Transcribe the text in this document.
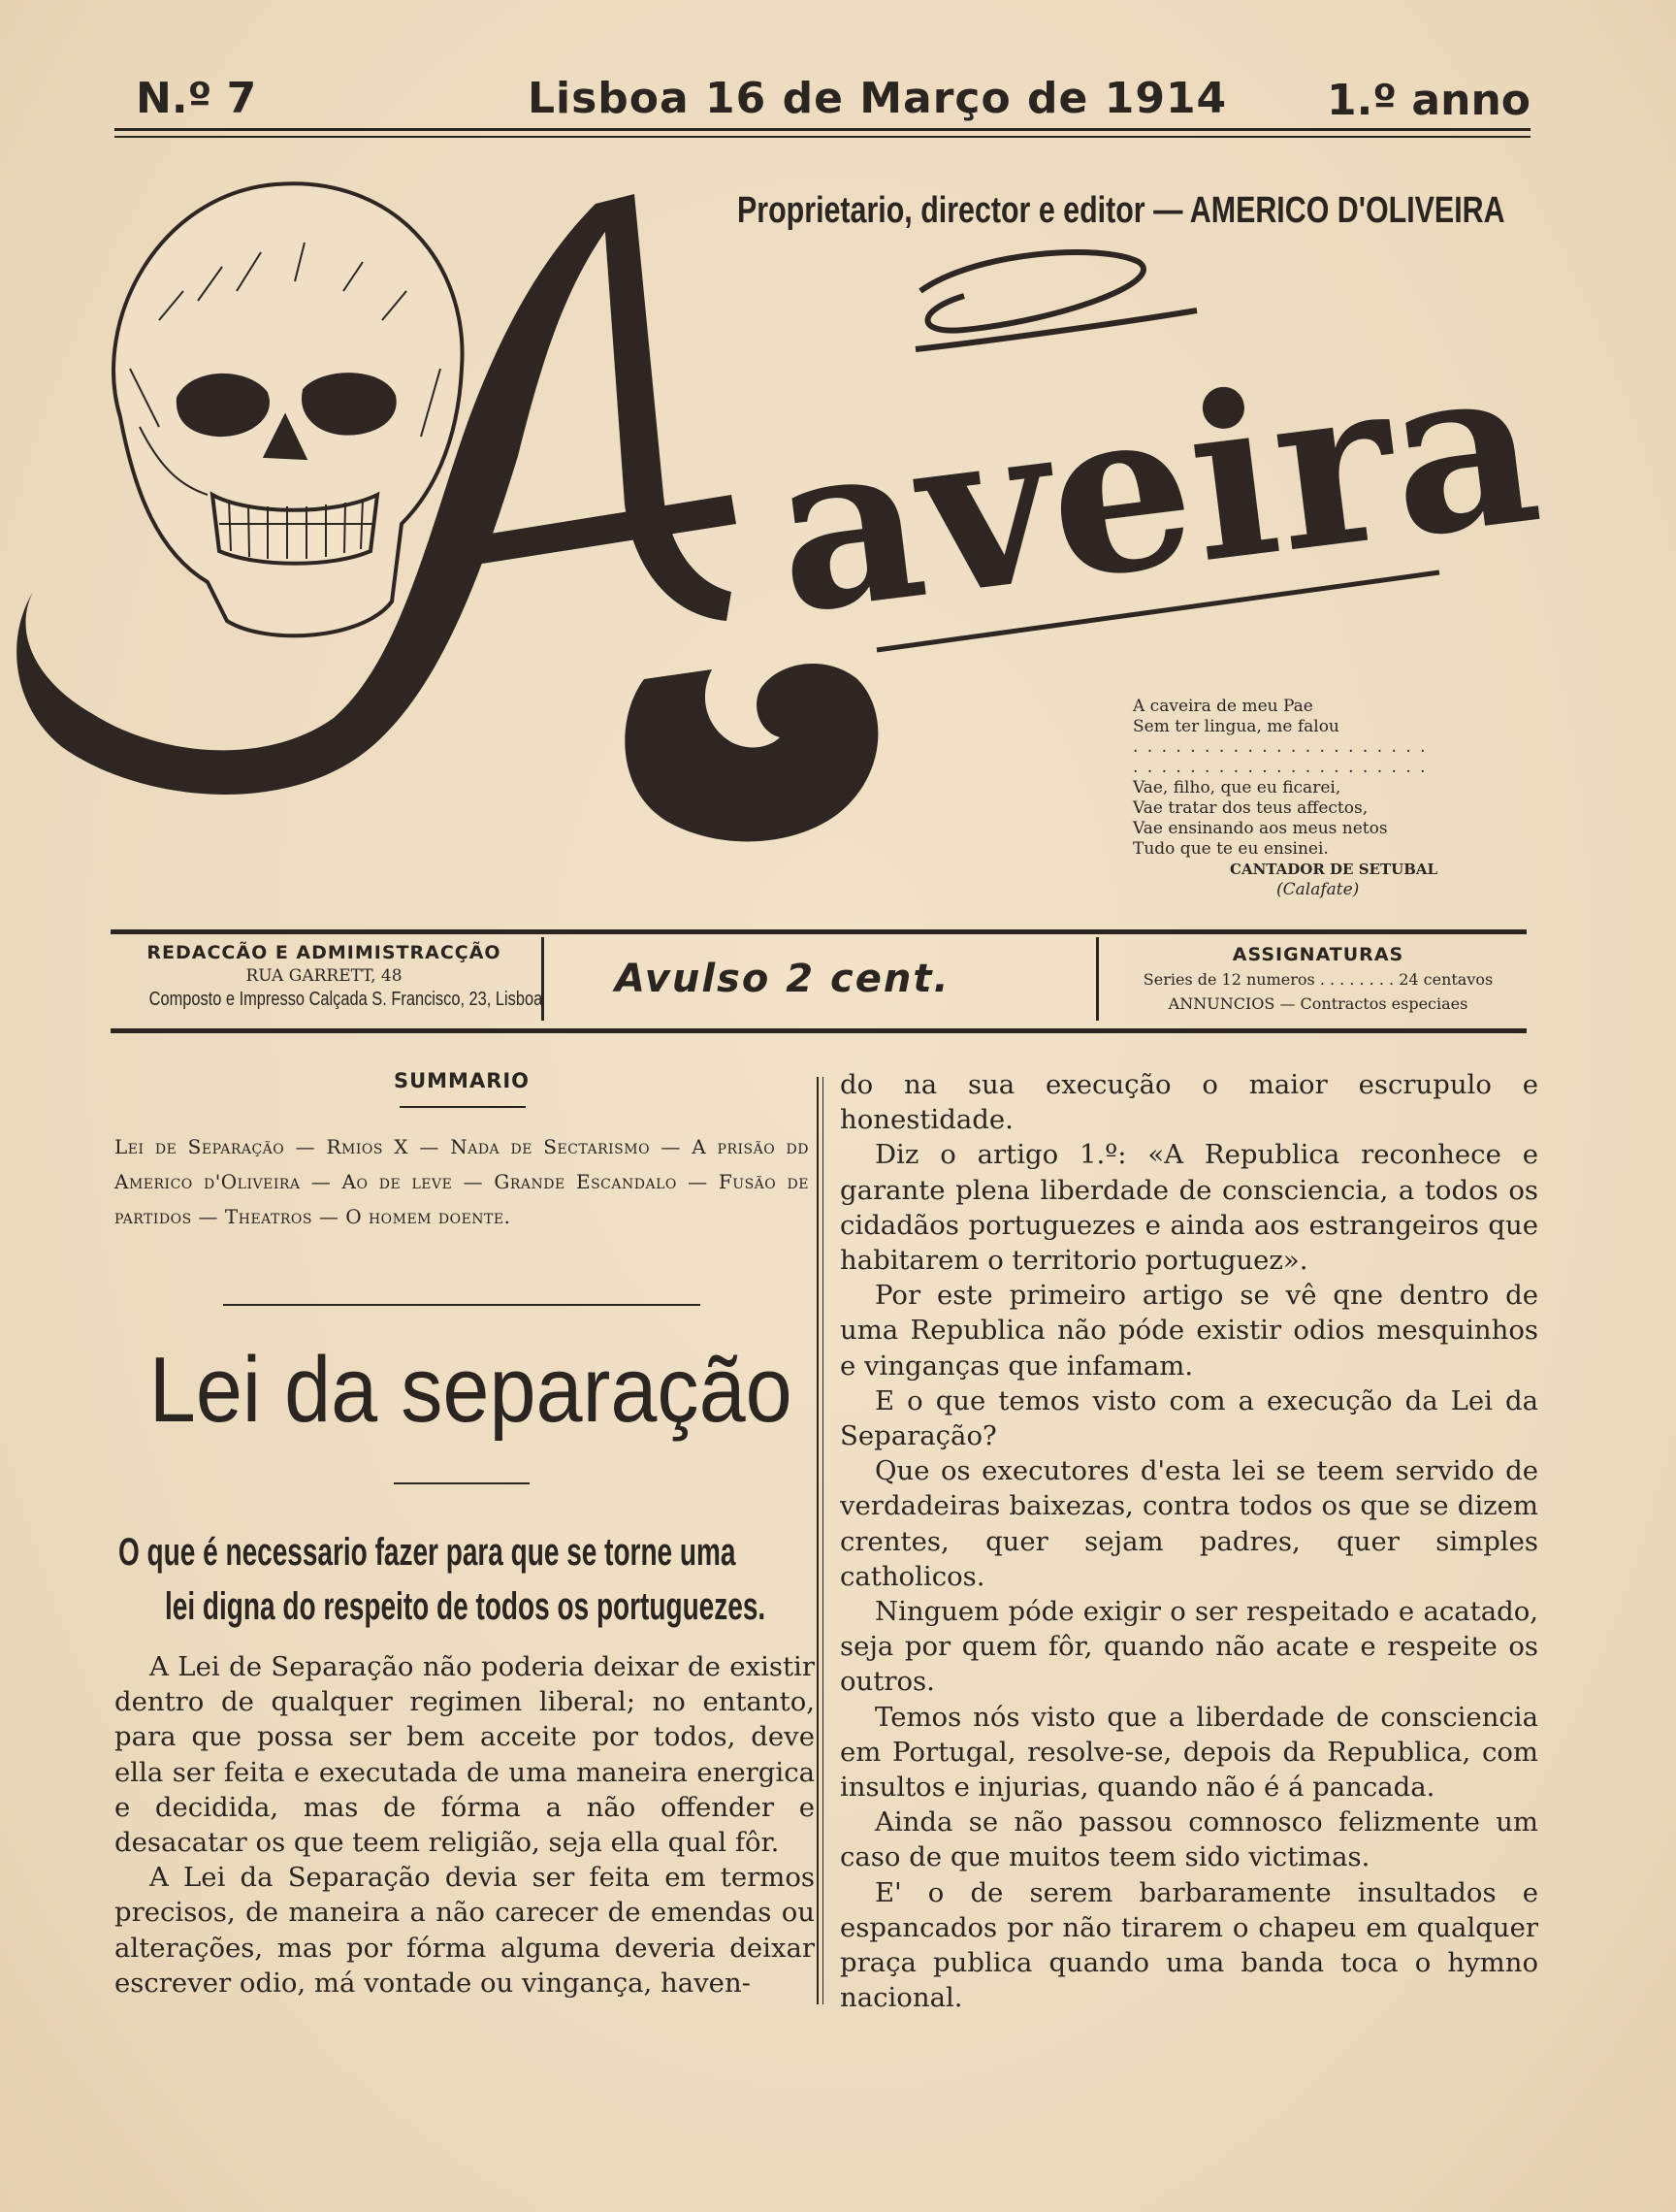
N.º 7	Lisboa 16 de Março de 1914 1.º anno
Proprietario, director e editor — AMERICO D'OLIVEIRA
aveira
A caveira de meu Pae
Sem ter lingua, me falou
. . . . . . . . . . . . . . . . . . . . .
. . . . . . . . . . . . . . . . . . . . .
Vae, filho, que eu ficarei,
Vae tratar dos teus affectos,
Vae ensinando aos meus netos
Tudo que te eu ensinei.
CANTADOR DE SETUBAL
(Calafate)
REDACCÃO E ADMIMISTRACÇÃO
RUA GARRETT, 48
Composto e Impresso Calçada S. Francisco, 23, Lisboa Avulso 2 cent.
ASSIGNATURAS
Series de 12 numeros . . . . . . . . 24 centavos
ANNUNCIOS — Contractos especiaes
SUMMARIO
Lei de Separação — Rmios X — Nada de Sectarismo — A prisão dd Americo d'Oliveira — Ao de leve — Grande Escandalo — Fusão de partidos — Theatros — O homem doente.
Lei da separação
O que é necessario fazer para que se torne uma
lei digna do respeito de todos os portuguezes.

A Lei de Separação não poderia deixar de existir dentro de qualquer regimen liberal; no entanto, para que possa ser bem acceite por todos, deve ella ser feita e executada de uma maneira energica e decidida, mas de fórma a não offender e desacatar os que teem religião, seja ella qual fôr.

A Lei da Separação devia ser feita em termos precisos, de maneira a não carecer de emendas ou alterações, mas por fórma alguma deveria deixar escrever odio, má vontade ou vingança, haven-

do na sua execução o maior escrupulo e honestidade.

Diz o artigo 1.º: «A Republica reconhece e garante plena liberdade de consciencia, a todos os cidadãos portuguezes e ainda aos estrangeiros que habitarem o territorio portuguez».

Por este primeiro artigo se vê qne dentro de uma Republica não póde existir odios mesquinhos e vinganças que infamam.

E o que temos visto com a execução da Lei da Separação?

Que os executores d'esta lei se teem servido de verdadeiras baixezas, contra todos os que se dizem crentes, quer sejam padres, quer simples catholicos.

Ninguem póde exigir o ser respeitado e acatado, seja por quem fôr, quando não acate e respeite os outros.

Temos nós visto que a liberdade de consciencia em Portugal, resolve-se, depois da Republica, com insultos e injurias, quando não é á pancada.

Ainda se não passou comnosco felizmente um caso de que muitos teem sido victimas.

E' o de serem barbaramente insultados e espancados por não tirarem o chapeu em qualquer praça publica quando uma banda toca o hymno nacional.
